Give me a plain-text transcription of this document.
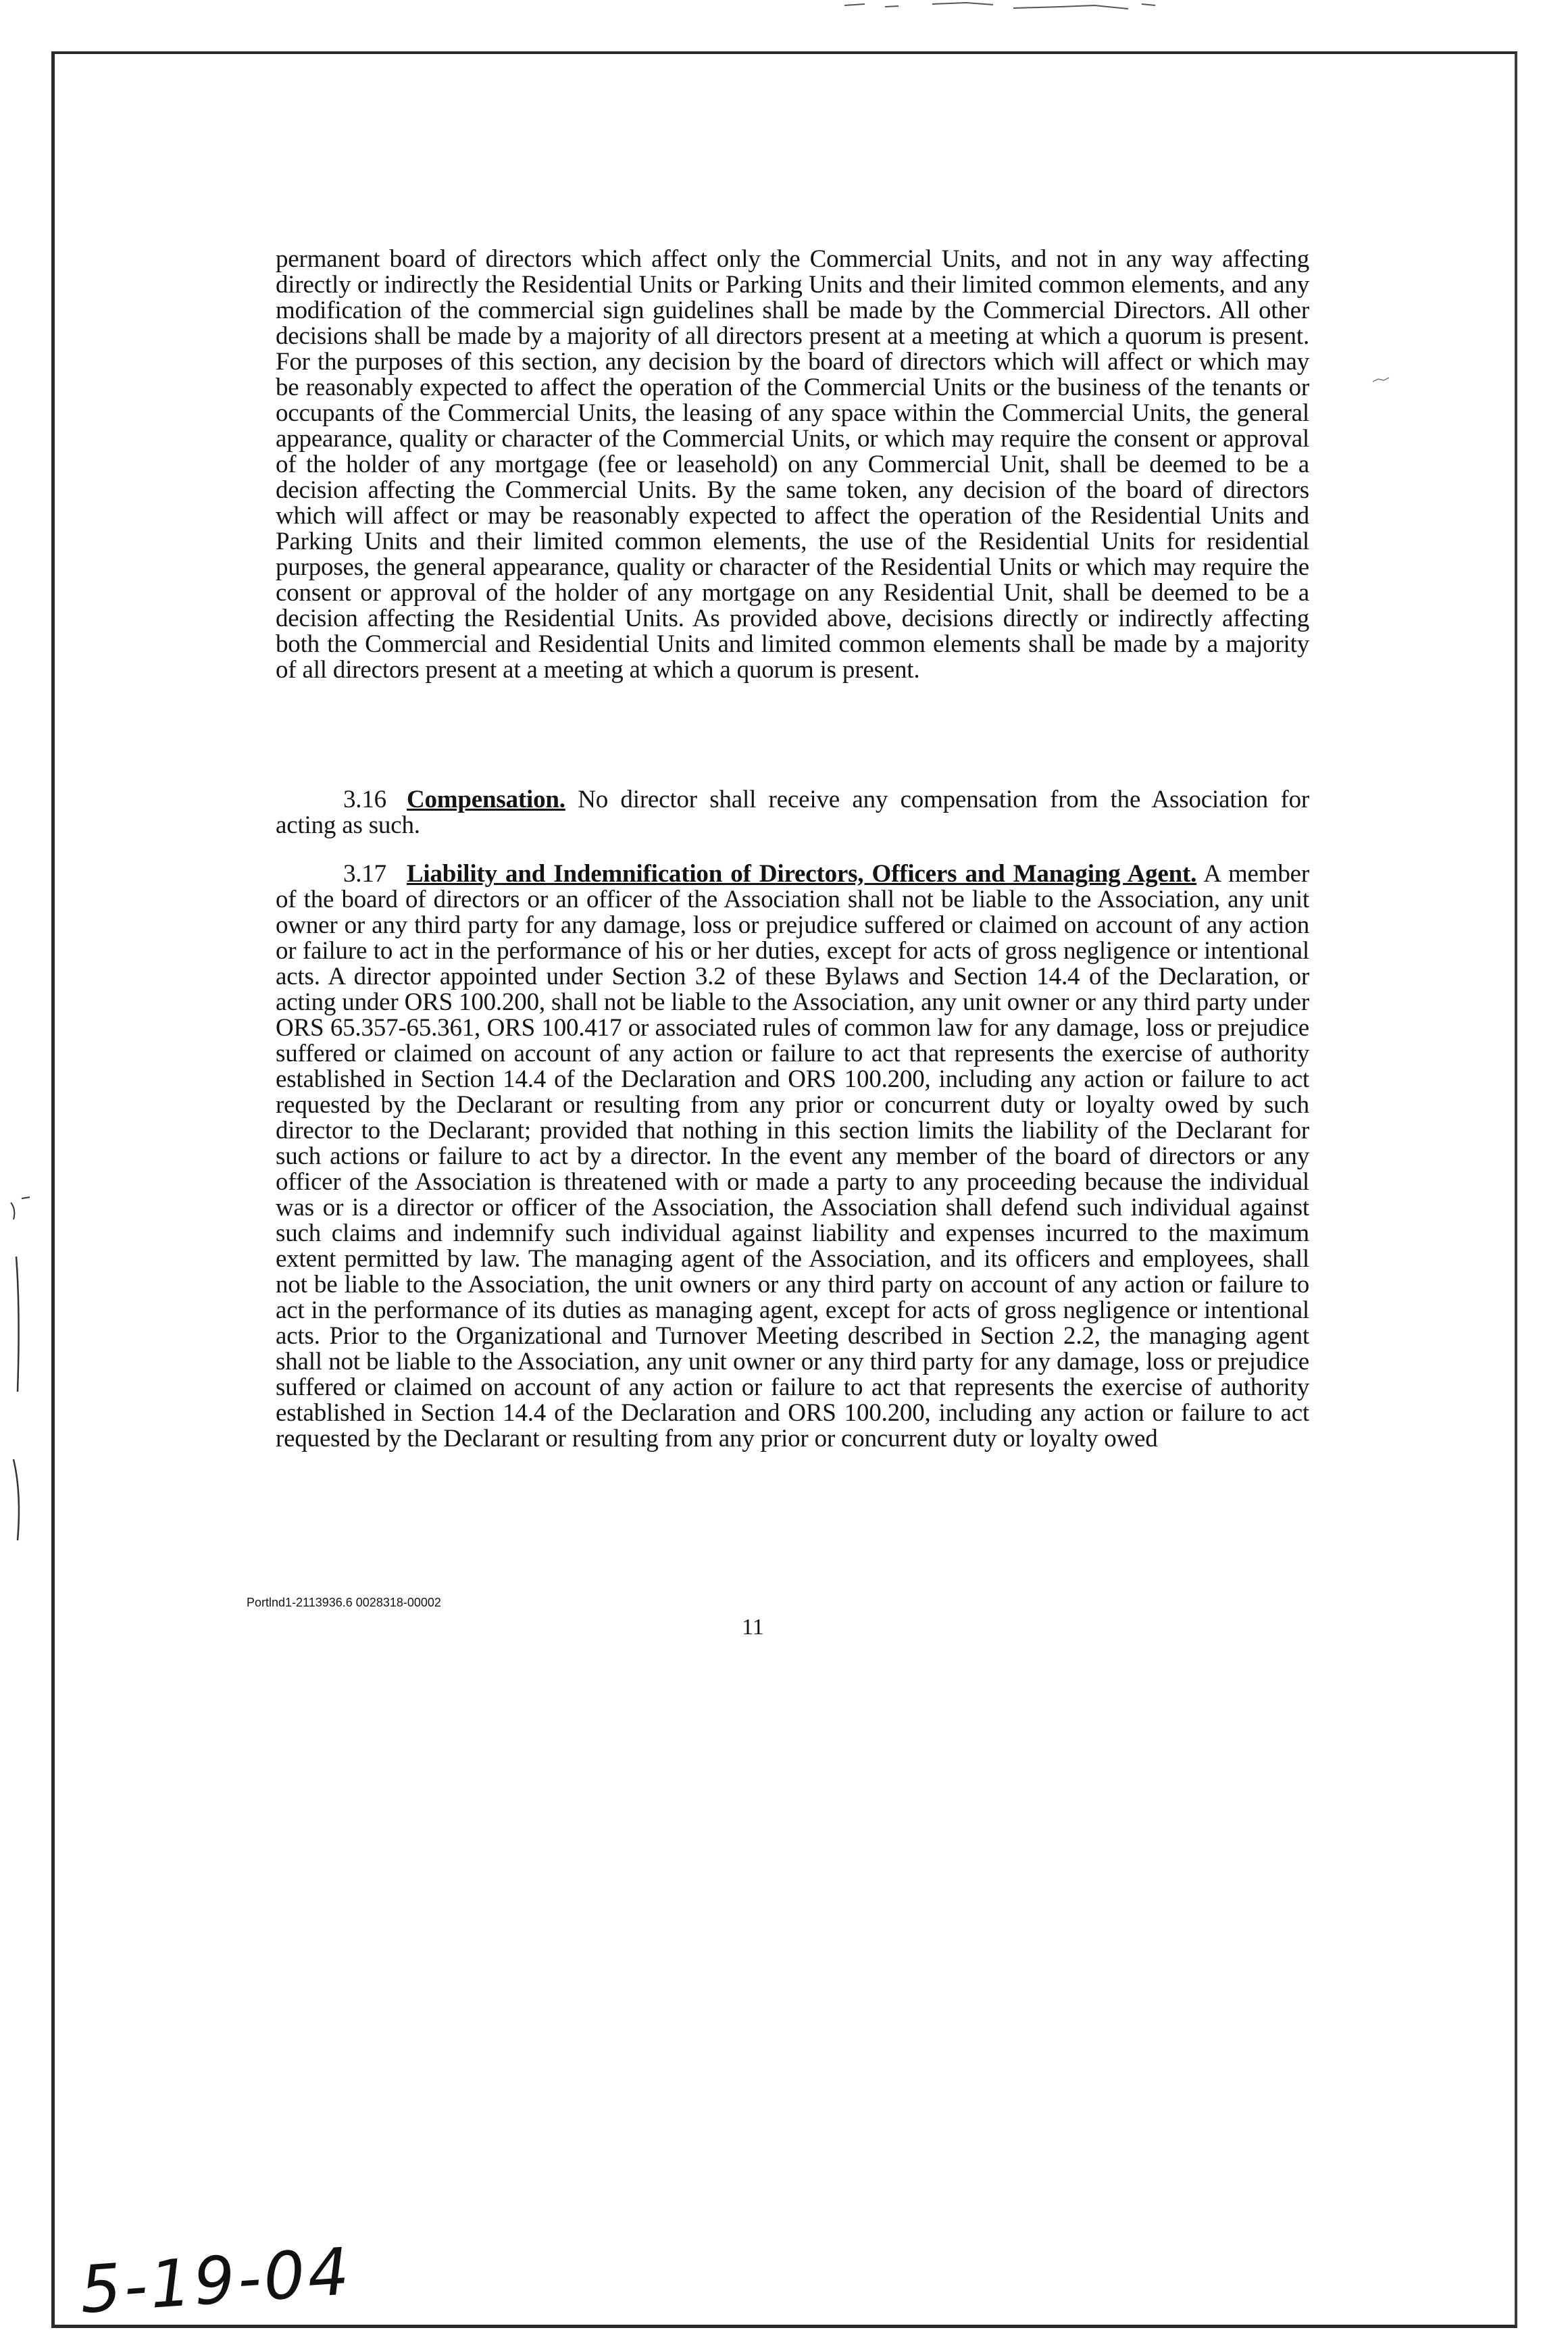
permanent board of directors which affect only the Commercial Units, and not in any way affecting directly or indirectly the Residential Units or Parking Units and their limited common elements, and any modification of the commercial sign guidelines shall be made by the Commercial Directors. All other decisions shall be made by a majority of all directors present at a meeting at which a quorum is present. For the purposes of this section, any decision by the board of directors which will affect or which may be reasonably expected to affect the operation of the Commercial Units or the business of the tenants or occupants of the Commercial Units, the leasing of any space within the Commercial Units, the general appearance, quality or character of the Commercial Units, or which may require the consent or approval of the holder of any mortgage (fee or leasehold) on any Commercial Unit, shall be deemed to be a decision affecting the Commercial Units. By the same token, any decision of the board of directors which will affect or may be reasonably expected to affect the operation of the Residential Units and Parking Units and their limited common elements, the use of the Residential Units for residential purposes, the general appearance, quality or character of the Residential Units or which may require the consent or approval of the holder of any mortgage on any Residential Unit, shall be deemed to be a decision affecting the Residential Units. As provided above, decisions directly or indirectly affecting both the Commercial and Residential Units and limited common elements shall be made by a majority of all directors present at a meeting at which a quorum is present.

3.16 Compensation. No director shall receive any compensation from the Association for acting as such.

3.17 Liability and Indemnification of Directors, Officers and Managing Agent. A member of the board of directors or an officer of the Association shall not be liable to the Association, any unit owner or any third party for any damage, loss or prejudice suffered or claimed on account of any action or failure to act in the performance of his or her duties, except for acts of gross negligence or intentional acts. A director appointed under Section 3.2 of these Bylaws and Section 14.4 of the Declaration, or acting under ORS 100.200, shall not be liable to the Association, any unit owner or any third party under ORS 65.357-65.361, ORS 100.417 or associated rules of common law for any damage, loss or prejudice suffered or claimed on account of any action or failure to act that represents the exercise of authority established in Section 14.4 of the Declaration and ORS 100.200, including any action or failure to act requested by the Declarant or resulting from any prior or concurrent duty or loyalty owed by such director to the Declarant; provided that nothing in this section limits the liability of the Declarant for such actions or failure to act by a director. In the event any member of the board of directors or any officer of the Association is threatened with or made a party to any proceeding because the individual was or is a director or officer of the Association, the Association shall defend such individual against such claims and indemnify such individual against liability and expenses incurred to the maximum extent permitted by law. The managing agent of the Association, and its officers and employees, shall not be liable to the Association, the unit owners or any third party on account of any action or failure to act in the performance of its duties as managing agent, except for acts of gross negligence or intentional acts. Prior to the Organizational and Turnover Meeting described in Section 2.2, the managing agent shall not be liable to the Association, any unit owner or any third party for any damage, loss or prejudice suffered or claimed on account of any action or failure to act that represents the exercise of authority established in Section 14.4 of the Declaration and ORS 100.200, including any action or failure to act requested by the Declarant or resulting from any prior or concurrent duty or loyalty owed

Portlnd1-2113936.6 0028318-00002

11

5-19-04
